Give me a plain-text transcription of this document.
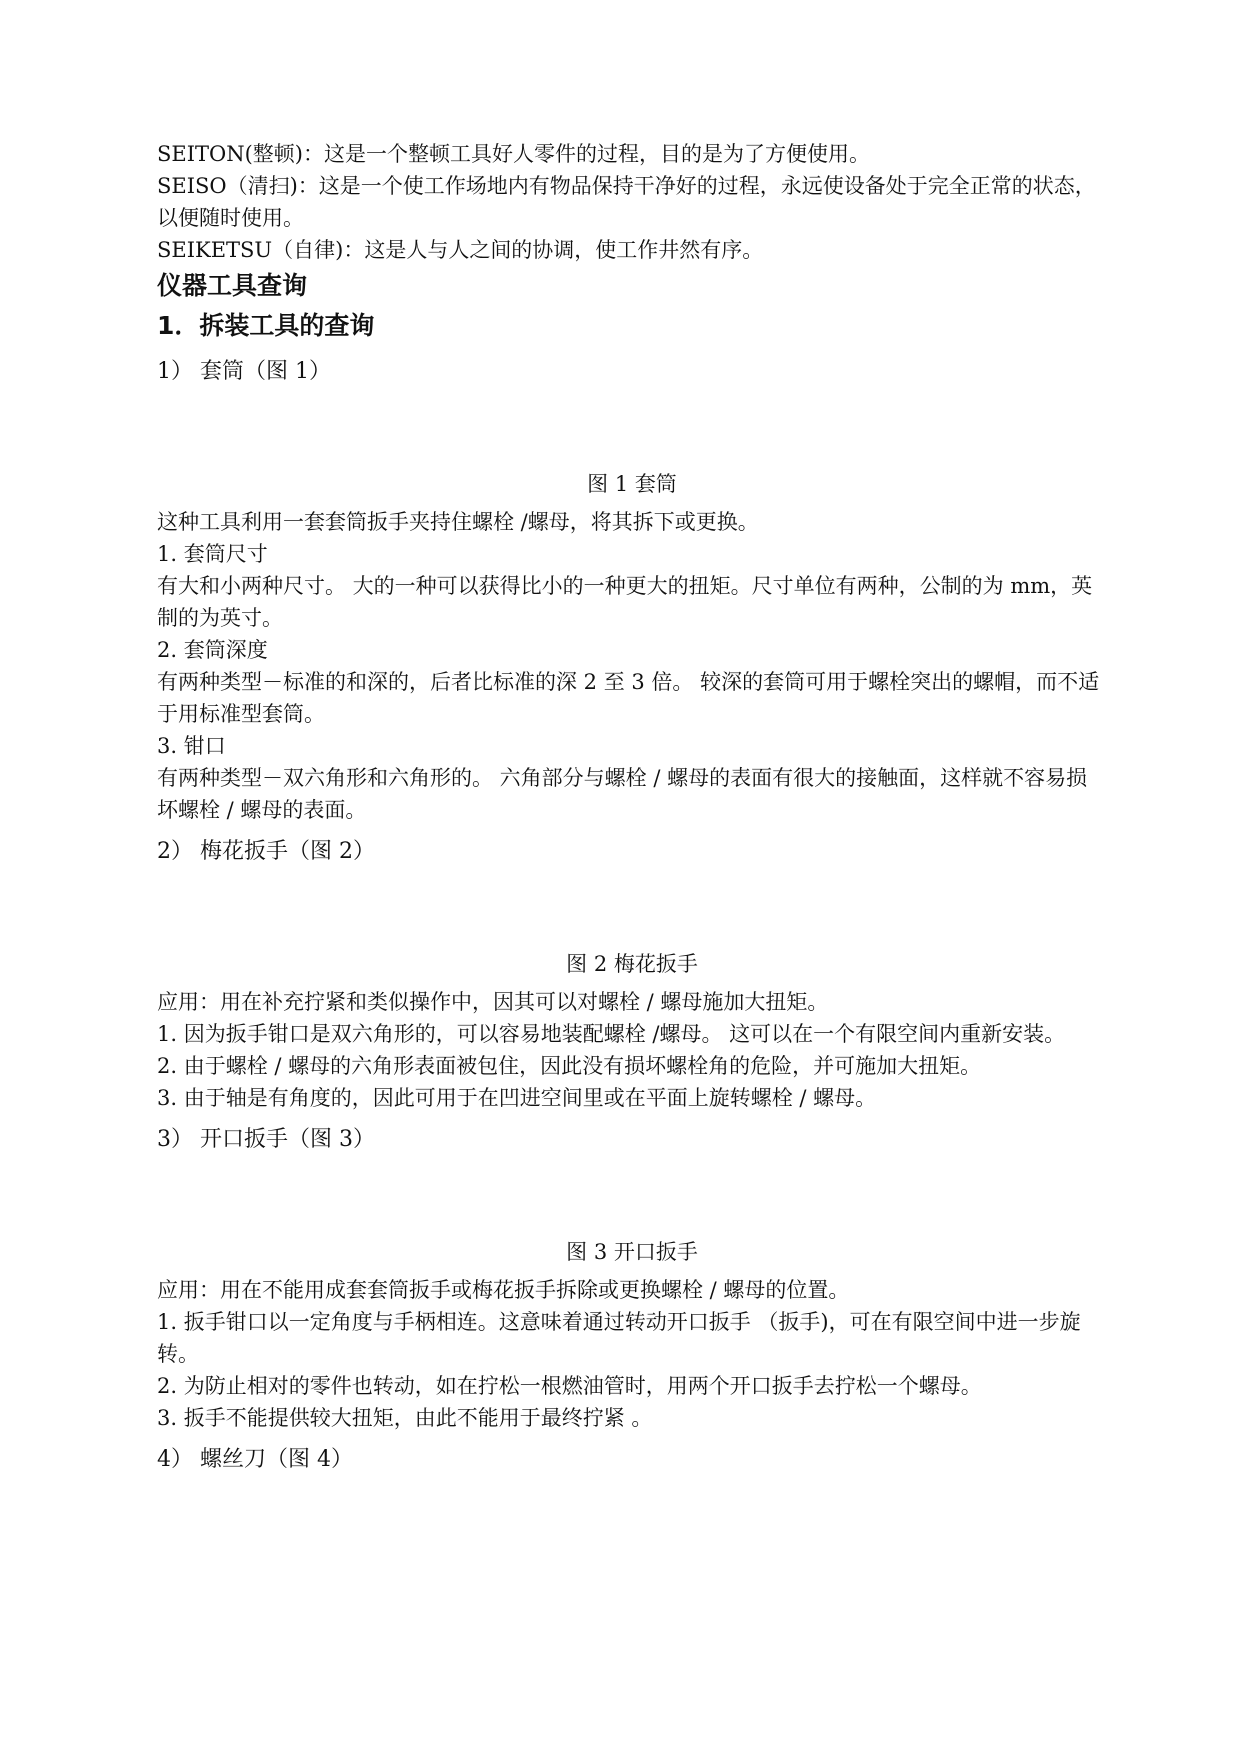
SEITON(整顿)：这是一个整顿工具好人零件的过程，目的是为了方便使用。

SEISO（清扫)：这是一个使工作场地内有物品保持干净好的过程，永远使设备处于完全正常的状态，以便随时使用。

SEIKETSU（自律)：这是人与人之间的协调，使工作井然有序。

仪器工具查询
1．拆装工具的查询

1） 套筒（图 1）

图 1 套筒

这种工具利用一套套筒扳手夹持住螺栓 /螺母，将其拆下或更换。

1. 套筒尺寸

有大和小两种尺寸。 大的一种可以获得比小的一种更大的扭矩。尺寸单位有两种，公制的为 mm，英制的为英寸。

2. 套筒深度

有两种类型－标准的和深的，后者比标准的深 2 至 3 倍。 较深的套筒可用于螺栓突出的螺帽，而不适于用标准型套筒。

3. 钳口

有两种类型－双六角形和六角形的。 六角部分与螺栓 / 螺母的表面有很大的接触面，这样就不容易损坏螺栓 / 螺母的表面。

2） 梅花扳手（图 2）

图 2 梅花扳手

应用：用在补充拧紧和类似操作中，因其可以对螺栓 / 螺母施加大扭矩。

1. 因为扳手钳口是双六角形的，可以容易地装配螺栓 /螺母。 这可以在一个有限空间内重新安装。

2. 由于螺栓 / 螺母的六角形表面被包住，因此没有损坏螺栓角的危险，并可施加大扭矩。

3. 由于轴是有角度的，因此可用于在凹进空间里或在平面上旋转螺栓 / 螺母。

3） 开口扳手（图 3）

图 3 开口扳手

应用：用在不能用成套套筒扳手或梅花扳手拆除或更换螺栓 / 螺母的位置。

1. 扳手钳口以一定角度与手柄相连。这意味着通过转动开口扳手 （扳手)，可在有限空间中进一步旋转。

2. 为防止相对的零件也转动，如在拧松一根燃油管时，用两个开口扳手去拧松一个螺母。

3. 扳手不能提供较大扭矩，由此不能用于最终拧紧 。

4） 螺丝刀（图 4）
